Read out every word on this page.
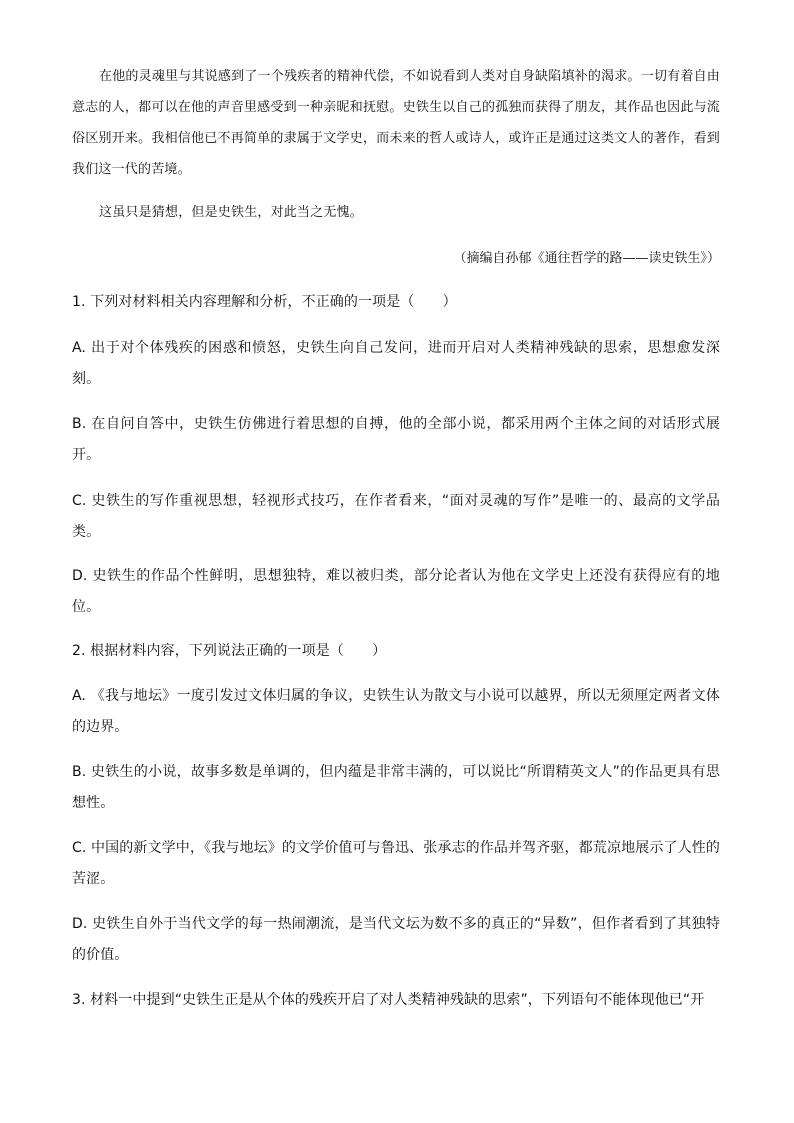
在他的灵魂里与其说感到了一个残疾者的精神代偿，不如说看到人类对自身缺陷填补的渴求。一切有着自由意志的人，都可以在他的声音里感受到一种亲昵和抚慰。史铁生以自己的孤独而获得了朋友，其作品也因此与流俗区别开来。我相信他已不再简单的隶属于文学史，而未来的哲人或诗人，或许正是通过这类文人的著作，看到我们这一代的苦境。

这虽只是猜想，但是史铁生，对此当之无愧。

（摘编自孙郁《通往哲学的路——读史铁生》）

1. 下列对材料相关内容理解和分析，不正确的一项是（　　）

A. 出于对个体残疾的困惑和愤怒，史铁生向自己发问，进而开启对人类精神残缺的思索，思想愈发深刻。

B. 在自问自答中，史铁生仿佛进行着思想的自搏，他的全部小说，都采用两个主体之间的对话形式展开。

C. 史铁生的写作重视思想，轻视形式技巧，在作者看来，“面对灵魂的写作”是唯一的、最高的文学品类。

D. 史铁生的作品个性鲜明，思想独特，难以被归类，部分论者认为他在文学史上还没有获得应有的地位。

2. 根据材料内容，下列说法正确的一项是（　　）

A. 《我与地坛》一度引发过文体归属的争议，史铁生认为散文与小说可以越界，所以无须厘定两者文体的边界。

B. 史铁生的小说，故事多数是单调的，但内蕴是非常丰满的，可以说比“所谓精英文人”的作品更具有思想性。

C. 中国的新文学中，《我与地坛》的文学价值可与鲁迅、张承志的作品并驾齐驱，都荒凉地展示了人性的苦涩。

D. 史铁生自外于当代文学的每一热闹潮流，是当代文坛为数不多的真正的“异数”，但作者看到了其独特的价值。

3. 材料一中提到“史铁生正是从个体的残疾开启了对人类精神残缺的思索”，下列语句不能体现他已“开
